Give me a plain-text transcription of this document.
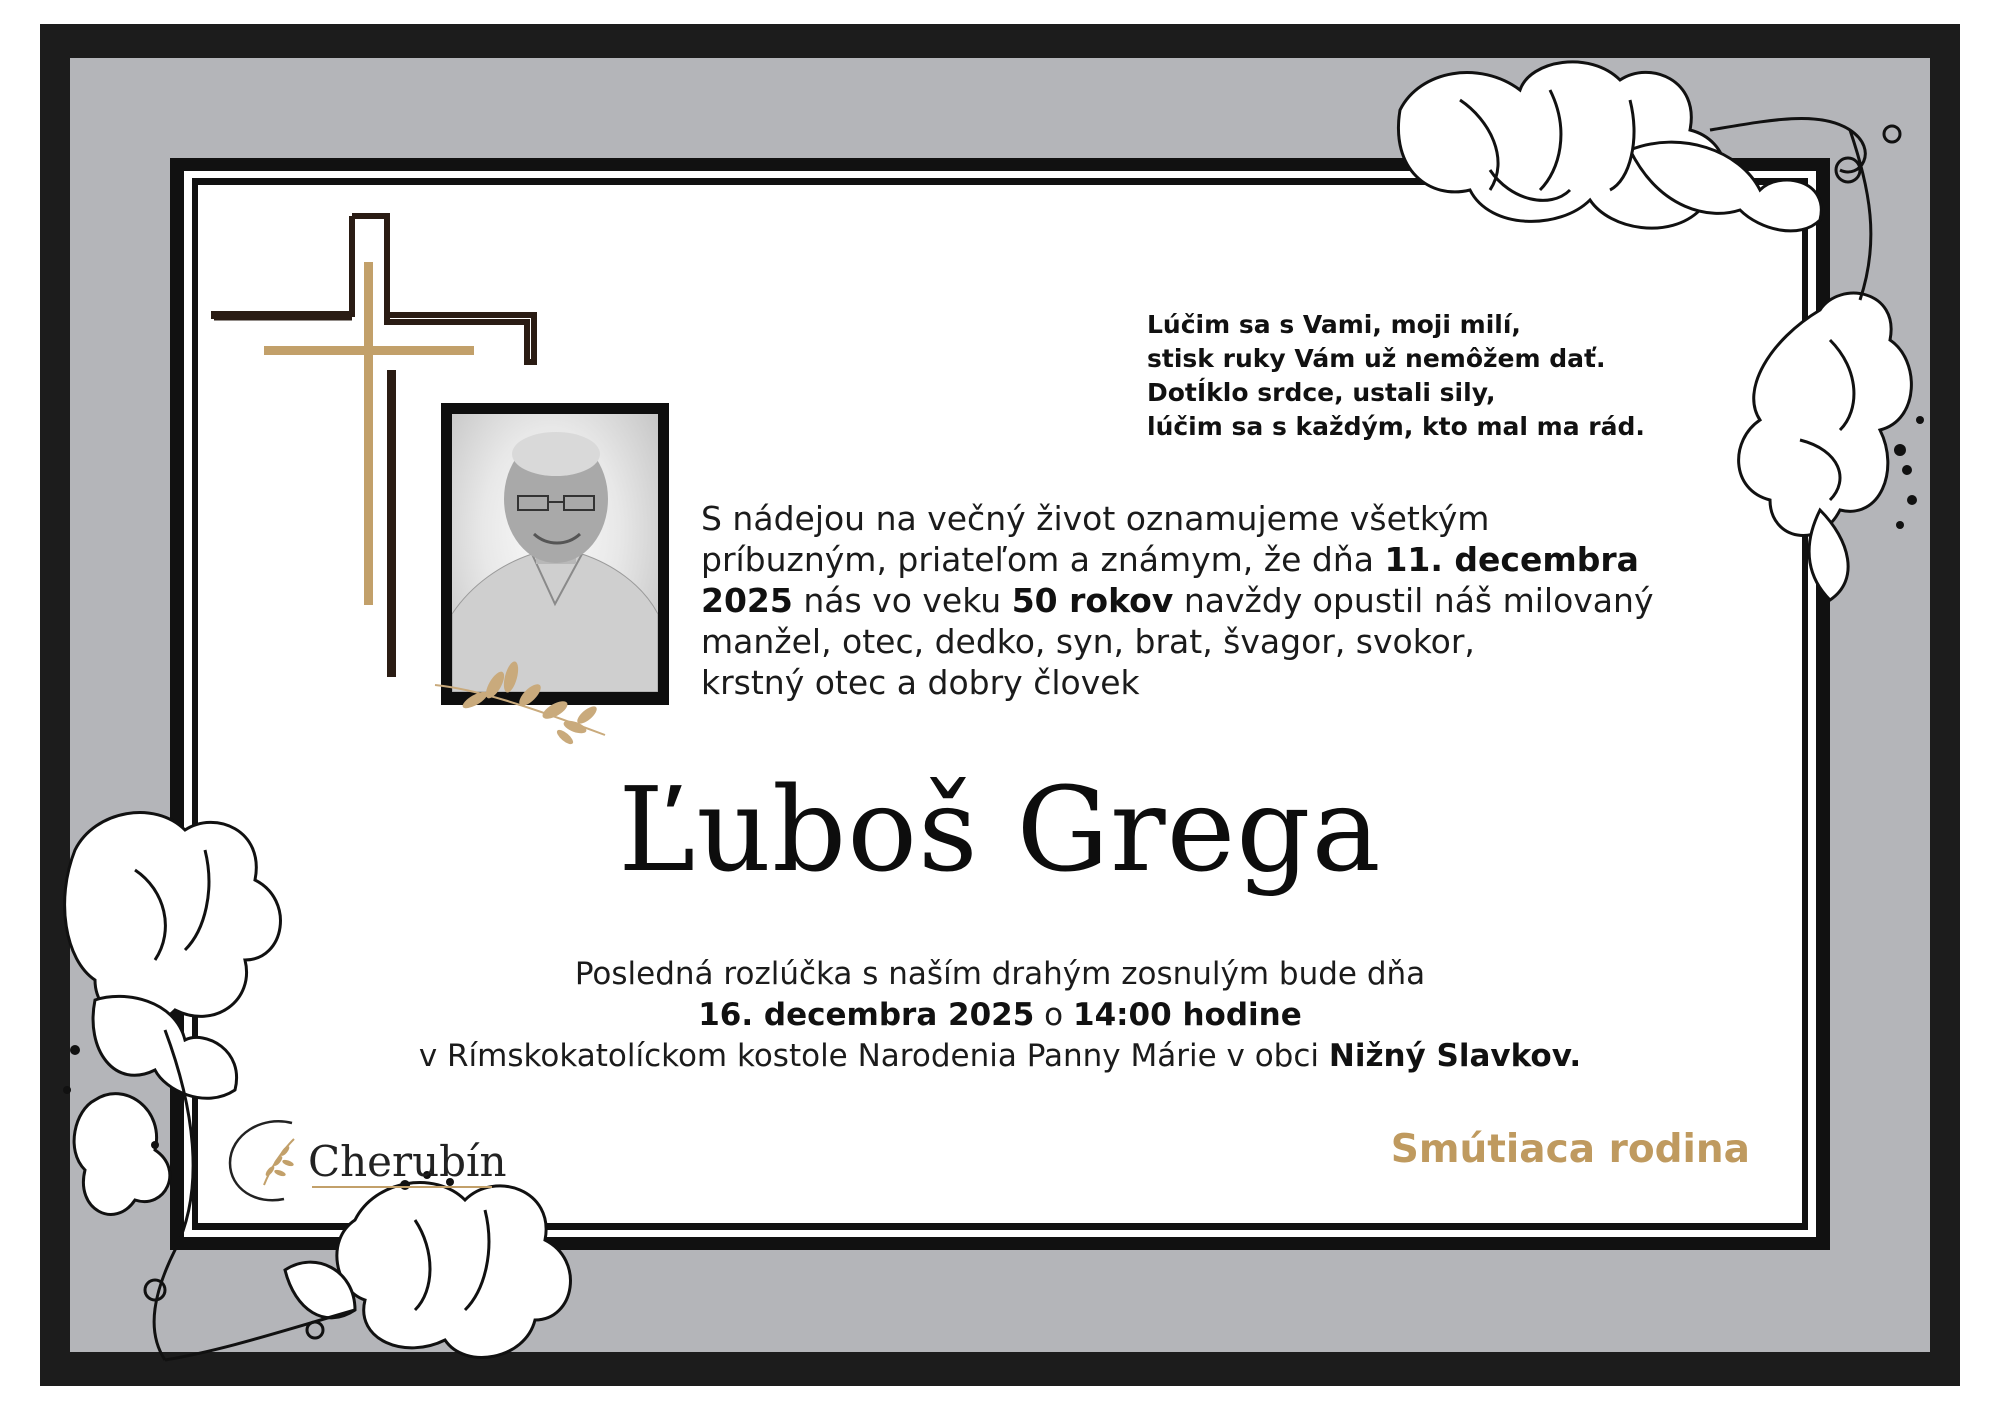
Lúčim sa s Vami, moji milí,
stisk ruky Vám už nemôžem dať.
DotÍklo srdce, ustali sily,
lúčim sa s každým, kto mal ma rád.
S nádejou na večný život oznamujeme všetkým
príbuzným, priateľom a známym, že dňa 11. decembra
2025 nás vo veku 50 rokov navždy opustil náš milovaný
manžel, otec, dedko, syn, brat, švagor, svokor,
krstný otec a dobry človek
Ľuboš Grega
Posledná rozlúčka s naším drahým zosnulým bude dňa
16. decembra 2025 o 14:00 hodine
v Rímskokatolíckom kostole Narodenia Panny Márie v obci Nižný Slavkov.
Cherubín	Smútiaca rodina
